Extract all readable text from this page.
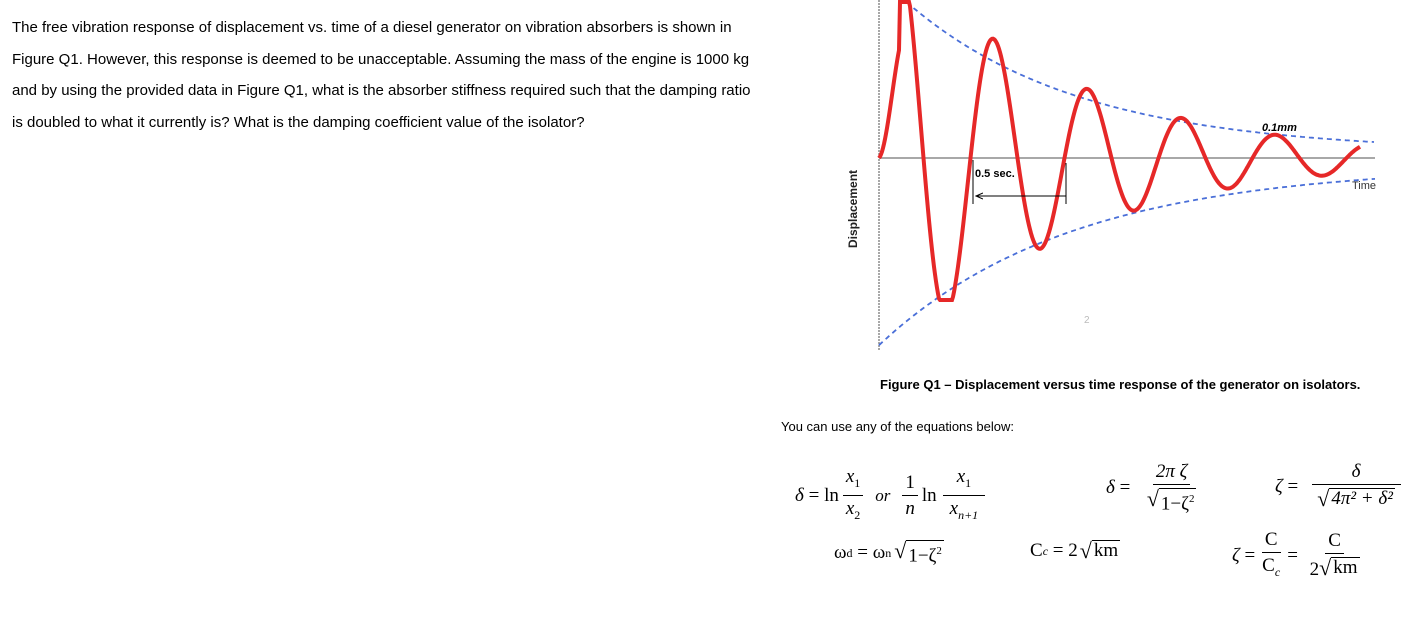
The free vibration response of displacement vs. time of a diesel generator on vibration absorbers is shown in

Figure Q1. However, this response is deemed to be unacceptable. Assuming the mass of the engine is 1000 kg

and by using the provided data in Figure Q1, what is the absorber stiffness required such that the damping ratio

is doubled to what it currently is? What is the damping coefficient value of the isolator?

0.5 sec.
0.1mm
Time
Displacement
2
Figure Q1 – Displacement versus time response of the generator on isolators.
You can use any of the equations below:
$\delta = \ln \frac{x_1}{x_2}$ or $\frac{1}{n}$ $\ln \frac{x_1}{x_{n+1}}$	$\delta = \frac{\text{2π ζ}}{√ 1-\zeta^2}$	$\zeta = \frac{\delta}{\text{√ 4π² + δ²}}$
ω d = ω n √ $1-\zeta^2$	C c = 2 √ km	$\zeta = \frac{C}{C_c} = \frac{C}{2 √ km}$
